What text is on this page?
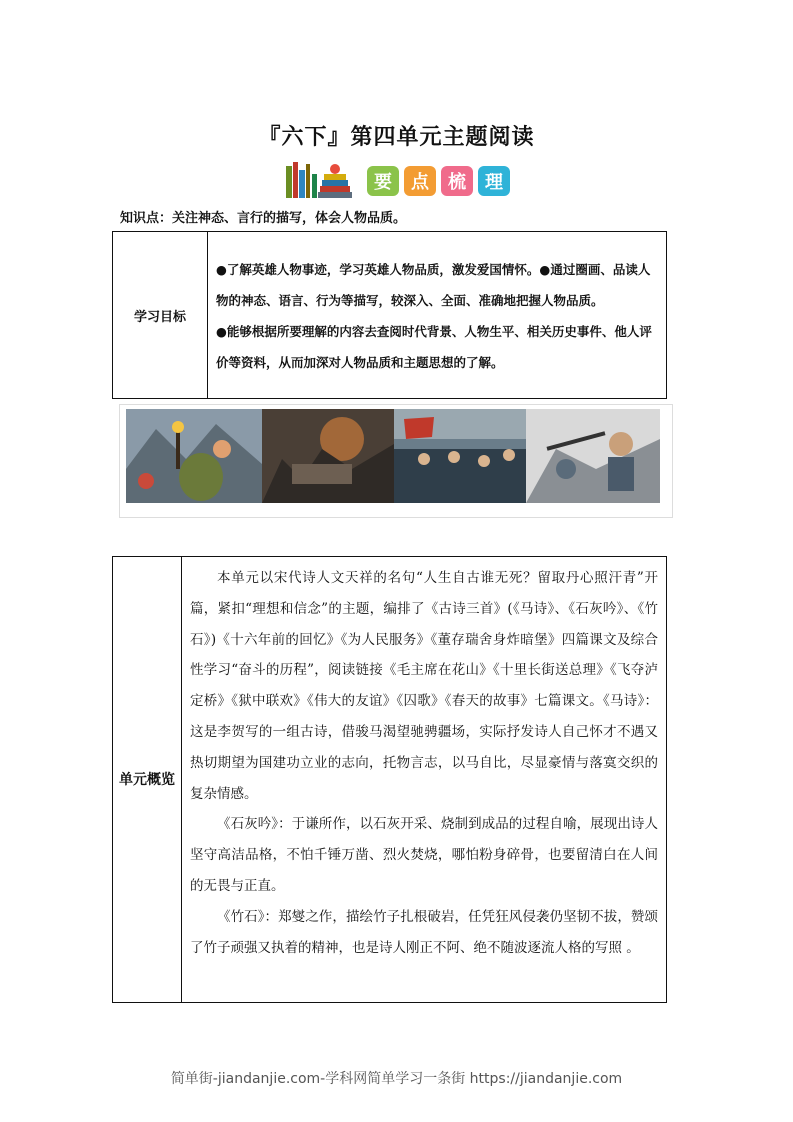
『六下』第四单元主题阅读
要	点	梳	理
知识点：关注神态、言行的描写，体会人物品质。
学习目标	
●了解英雄人物事迹，学习英雄人物品质，激发爱国情怀。●通过圈画、品读人物的神态、语言、行为等描写，较深入、全面、准确地把握人物品质。
●能够根据所要理解的内容去查阅时代背景、人物生平、相关历史事件、他人评价等资料，从而加深对人物品质和主题思想的了解。
单元概览	

本单元以宋代诗人文天祥的名句“人生自古谁无死？留取丹心照汗青”开篇，紧扣“理想和信念”的主题，编排了《古诗三首》(《马诗》、《石灰吟》、《竹石》)《十六年前的回忆》《为人民服务》《董存瑞舍身炸暗堡》四篇课文及综合性学习“奋斗的历程”，阅读链接《毛主席在花山》《十里长街送总理》《飞夺泸定桥》《狱中联欢》《伟大的友谊》《囚歌》《春天的故事》七篇课文。《马诗》：这是李贺写的一组古诗，借骏马渴望驰骋疆场，实际抒发诗人自己怀才不遇又热切期望为国建功立业的志向，托物言志，以马自比，尽显豪情与落寞交织的复杂情感。

《石灰吟》：于谦所作，以石灰开采、烧制到成品的过程自喻，展现出诗人坚守高洁品格，不怕千锤万凿、烈火焚烧，哪怕粉身碎骨，也要留清白在人间的无畏与正直。

《竹石》：郑燮之作，描绘竹子扎根破岩，任凭狂风侵袭仍坚韧不拔，赞颂了竹子顽强又执着的精神，也是诗人刚正不阿、绝不随波逐流人格的写照 。

简单街-jiandanjie.com-学科网简单学习一条街 https://jiandanjie.com
